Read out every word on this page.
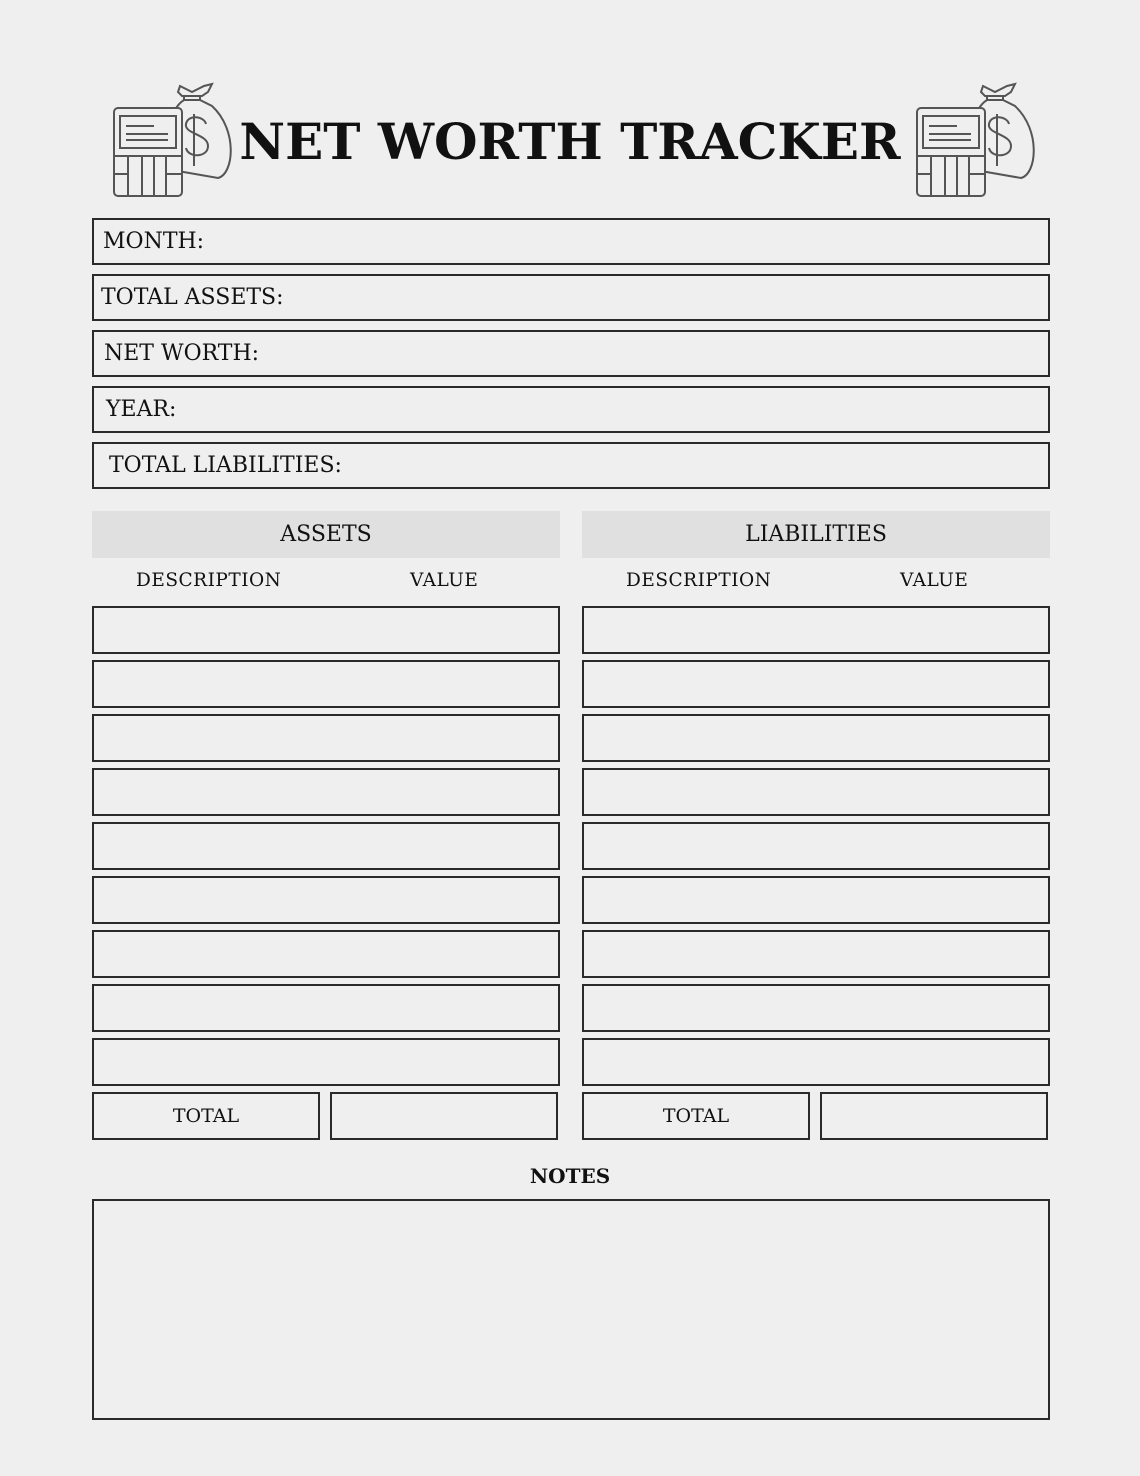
NET WORTH TRACKER
MONTH:
TOTAL ASSETS:
NET WORTH:
YEAR:
TOTAL LIABILITIES:
ASSETS	LIABILITIES
DESCRIPTION	VALUE	DESCRIPTION	VALUE
TOTAL	TOTAL
NOTES
